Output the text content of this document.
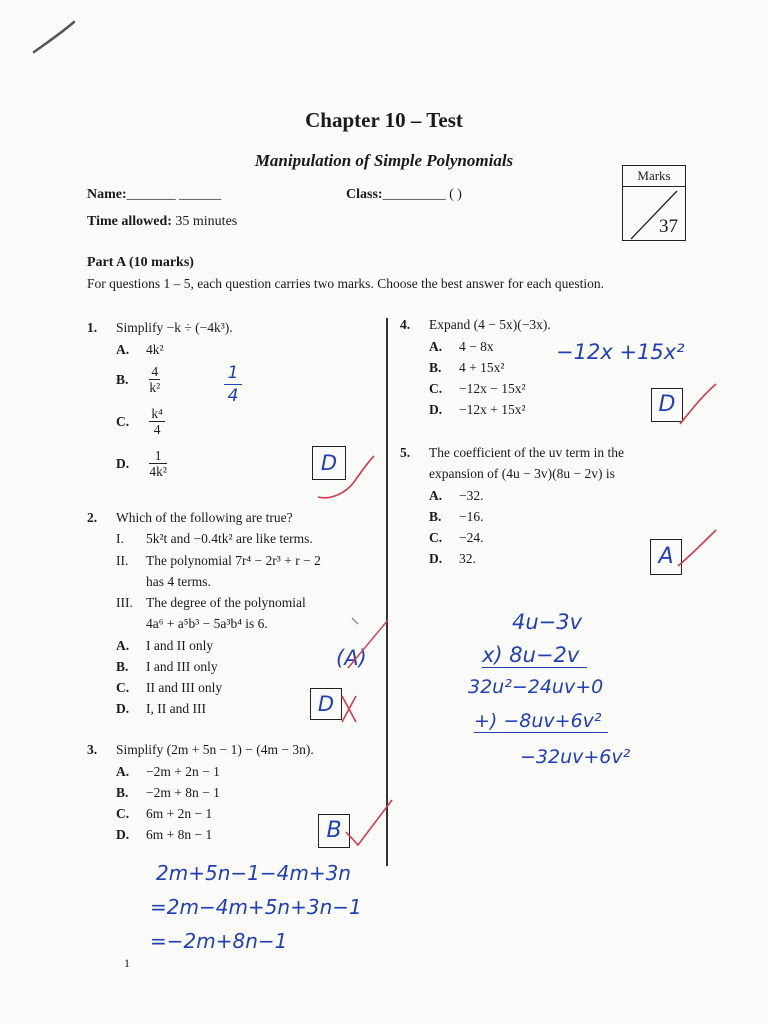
Chapter 10 – Test
Manipulation of Simple Polynomials
Name:_______ ______	Class:_________ ( )
Time allowed: 35 minutes
Marks
37
Part A (10 marks)
For questions 1 – 5, each question carries two marks. Choose the best answer for each question.
1. Simplify −k ÷ (−4k³).
A. 4k²
B. $\frac{4}{\text{k²}}$
C. $\frac{\text{k⁴}}{4}$
D. $\frac{1}{\text{4k²}}$	D
1
4
2. Which of the following are true?
I. 5k²t and −0.4tk² are like terms.
II. The polynomial 7r⁴ − 2r³ + r − 2
has 4 terms.
III. The degree of the polynomial
4a⁶ + a⁵b³ − 5a³b⁴ is 6.
A. I and II only
B. I and III only
C. II and III only
D. I, II and III	D
(A)
3. Simplify (2m + 5n − 1) − (4m − 3n).
A. −2m + 2n − 1
B. −2m + 8n − 1
C. 6m + 2n − 1
D. 6m + 8n − 1	B
2m+5n−1−4m+3n
=2m−4m+5n+3n−1
=−2m+8n−1
4. Expand (4 − 5x)(−3x).
A. 4 − 8x
B. 4 + 15x²
C. −12x − 15x²
D. −12x + 15x²
−12x +15x²
D
5. The coefficient of the uv term in the
expansion of (4u − 3v)(8u − 2v) is
A. −32.
B. −16.
C. −24.
D. 32.	A
4u−3v
x) 8u−2v
32u²−24uv+0
+) −8uv+6v²
−32uv+6v²
1
